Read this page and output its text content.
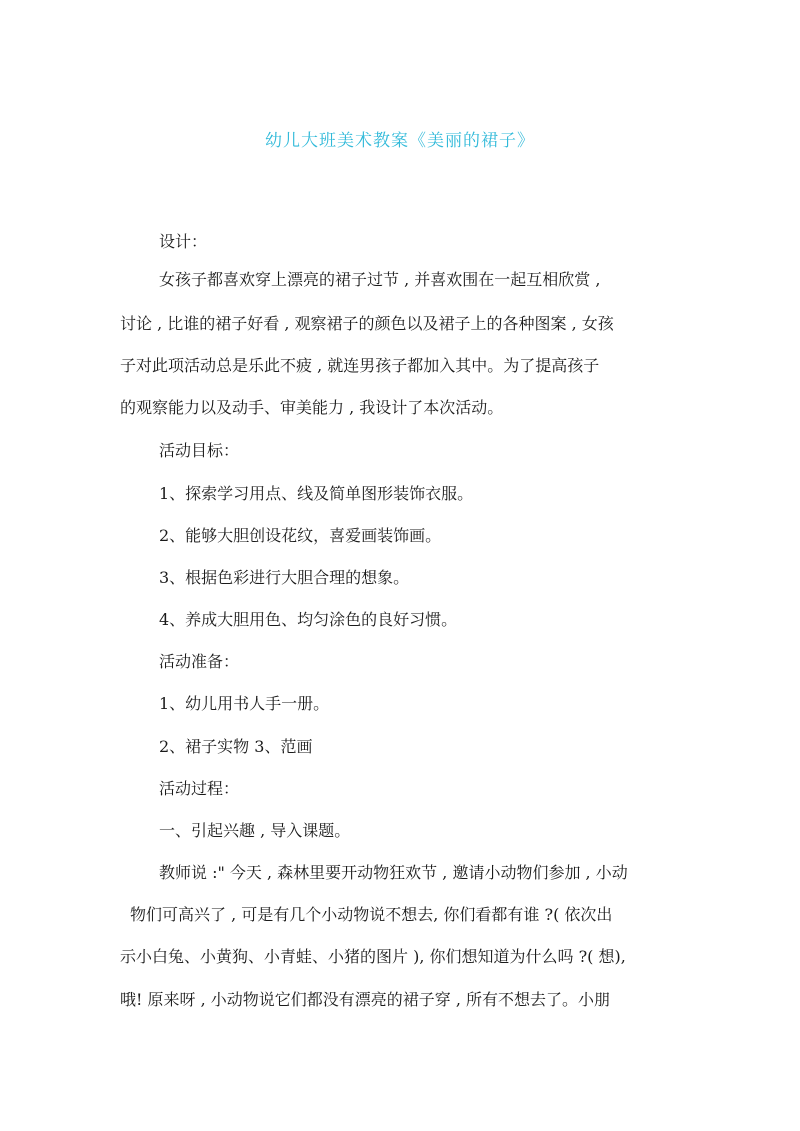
幼儿大班美术教案《美丽的裙子》
设计：
女孩子都喜欢穿上漂亮的裙子过节 , 并喜欢围在一起互相欣赏 ,
讨论 , 比谁的裙子好看 , 观察裙子的颜色以及裙子上的各种图案 , 女孩
子对此项活动总是乐此不疲 , 就连男孩子都加入其中。为了提高孩子
的观察能力以及动手、审美能力 , 我设计了本次活动。
活动目标：
1、探索学习用点、线及简单图形装饰衣服。
2、能够大胆创设花纹，喜爱画装饰画。
3、根据色彩进行大胆合理的想象。
4、养成大胆用色、均匀涂色的良好习惯。
活动准备：
1、幼儿用书人手一册。
2、裙子实物 3、范画
活动过程：
一、引起兴趣 , 导入课题。
教师说 :" 今天 , 森林里要开动物狂欢节 , 邀请小动物们参加 , 小动
物们可高兴了 , 可是有几个小动物说不想去, 你们看都有谁 ?( 依次出
示小白兔、小黄狗、小青蛙、小猪的图片 ), 你们想知道为什么吗 ?( 想),
哦! 原来呀 , 小动物说它们都没有漂亮的裙子穿 , 所有不想去了。小朋
